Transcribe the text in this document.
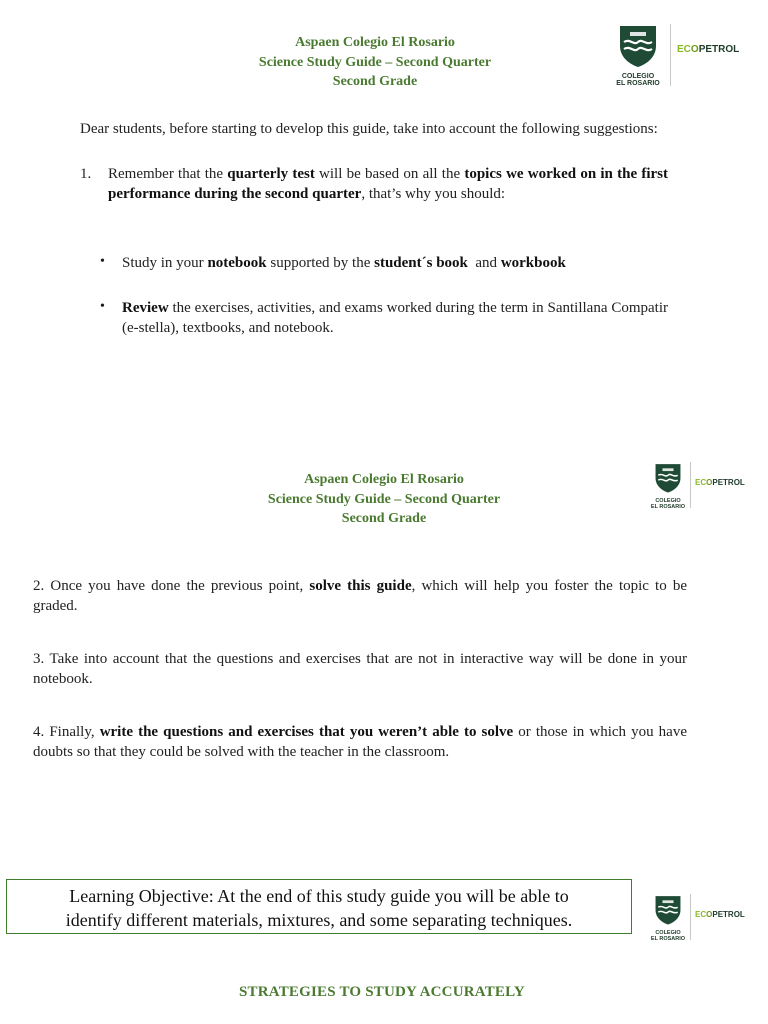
Aspaen Colegio El Rosario
Science Study Guide – Second Quarter
Second Grade	COLEGIO
EL ROSARIO
ECOPETROL
Dear students, before starting to develop this guide, take into account the following suggestions:
1. Remember that the quarterly test will be based on all the topics we worked on in the first performance during the second quarter, that’s why you should:
• Study in your notebook supported by the student´s book  and workbook
• Review the exercises, activities, and exams worked during the term in Santillana Compatir (e-stella), textbooks, and notebook.
Aspaen Colegio El Rosario
Science Study Guide – Second Quarter
Second Grade
COLEGIO
EL ROSARIO
ECOPETROL
2. Once you have done the previous point, solve this guide, which will help you foster the topic to be graded.
3. Take into account that the questions and exercises that are not in interactive way will be done in your notebook.
4. Finally, write the questions and exercises that you weren’t able to solve or those in which you have doubts so that they could be solved with the teacher in the classroom.
Learning Objective: At the end of this study guide you will be able to
identify different materials, mixtures, and some separating techniques.
COLEGIO
EL ROSARIO
ECOPETROL
STRATEGIES TO STUDY ACCURATELY
